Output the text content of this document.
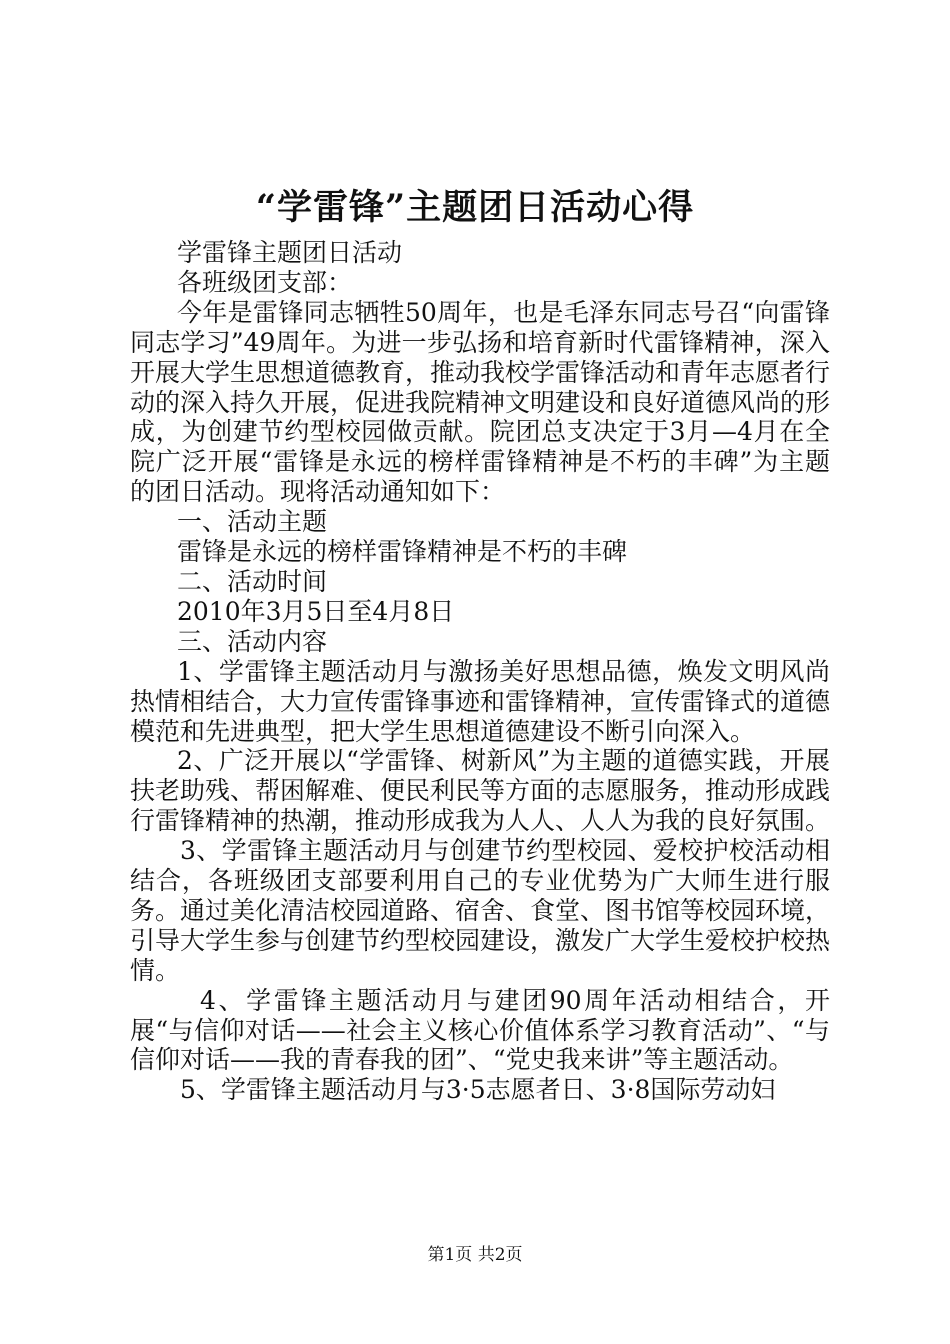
“学雷锋”主题团日活动心得

学雷锋主题团日活动

各班级团支部：

今年是雷锋同志牺牲50周年，也是毛泽东同志号召“向雷锋同志学习”49周年。为进一步弘扬和培育新时代雷锋精神，深入开展大学生思想道德教育，推动我校学雷锋活动和青年志愿者行动的深入持久开展，促进我院精神文明建设和良好道德风尚的形成，为创建节约型校园做贡献。院团总支决定于3月—4月在全院广泛开展“雷锋是永远的榜样雷锋精神是不朽的丰碑”为主题的团日活动。现将活动通知如下：

一、活动主题

雷锋是永远的榜样雷锋精神是不朽的丰碑

二、活动时间

2010年3月5日至4月8日

三、活动内容

1、学雷锋主题活动月与激扬美好思想品德，焕发文明风尚热情相结合，大力宣传雷锋事迹和雷锋精神，宣传雷锋式的道德模范和先进典型，把大学生思想道德建设不断引向深入。

2、广泛开展以“学雷锋、树新风”为主题的道德实践，开展扶老助残、帮困解难、便民利民等方面的志愿服务，推动形成践行雷锋精神的热潮，推动形成我为人人、人人为我的良好氛围。

3、学雷锋主题活动月与创建节约型校园、爱校护校活动相结合，各班级团支部要利用自己的专业优势为广大师生进行服务。通过美化清洁校园道路、宿舍、食堂、图书馆等校园环境，引导大学生参与创建节约型校园建设，激发广大学生爱校护校热情。

4、学雷锋主题活动月与建团90周年活动相结合，开展“与信仰对话——社会主义核心价值体系学习教育活动”、“与信仰对话——我的青春我的团”、“党史我来讲”等主题活动。

5、学雷锋主题活动月与3·5志愿者日、3·8国际劳动妇

第1页 共2页
